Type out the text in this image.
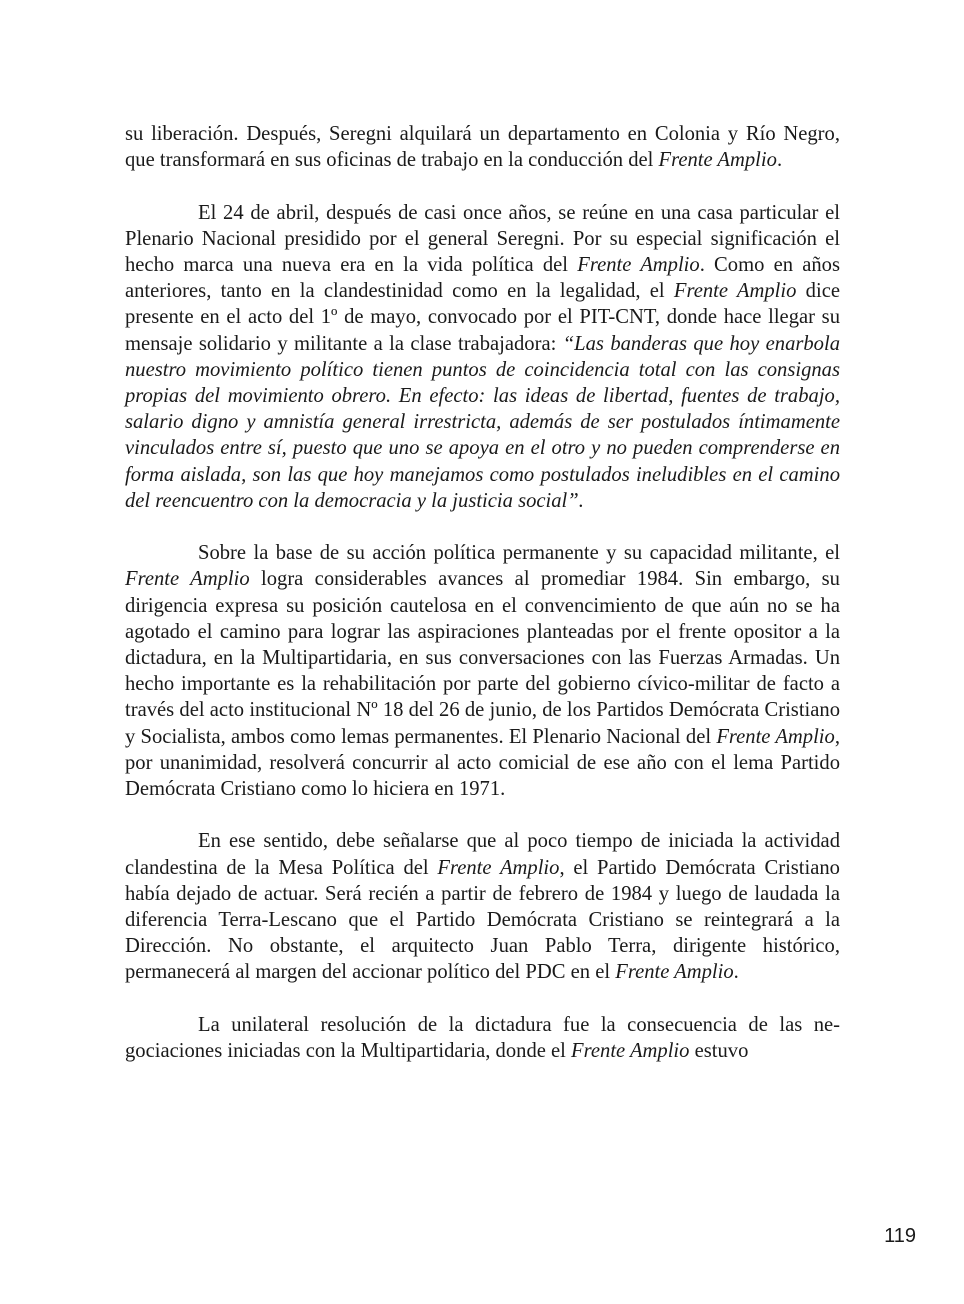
su liberación. Después, Seregni alquilará un departamento en Colonia y Río Negro, que transformará en sus oficinas de trabajo en la conducción del Frente Amplio.

El 24 de abril, después de casi once años, se reúne en una casa particular el Plenario Nacional presidido por el general Seregni. Por su especial significación el hecho marca una nueva era en la vida política del Frente Amplio. Como en años anteriores, tanto en la clandestinidad como en la legalidad, el Frente Amplio dice presente en el acto del 1º de mayo, convocado por el PIT-CNT, donde hace llegar su mensaje solidario y militante a la clase trabajadora: “Las banderas que hoy enarbola nuestro movimiento político tienen puntos de coincidencia total con las consignas propias del movimiento obrero. En efecto: las ideas de libertad, fuentes de trabajo, salario digno y amnistía general irrestricta, además de ser postulados íntimamente vinculados entre sí, puesto que uno se apoya en el otro y no pueden comprenderse en forma aislada, son las que hoy manejamos como postulados ineludibles en el camino del reencuentro con la democracia y la justicia social”.

Sobre la base de su acción política permanente y su capacidad militante, el Frente Amplio logra considerables avances al promediar 1984. Sin embargo, su dirigencia expresa su posición cautelosa en el convencimiento de que aún no se ha agotado el camino para lograr las aspiraciones planteadas por el frente opositor a la dictadura, en la Multipartidaria, en sus conversaciones con las Fuerzas Armadas. Un hecho importante es la rehabilitación por parte del gobierno cívico-militar de facto a través del acto institucional Nº 18 del 26 de junio, de los Partidos Demócrata Cristiano y Socialista, ambos como lemas permanentes. El Plenario Nacional del Frente Amplio, por unanimidad, resolverá concurrir al acto comicial de ese año con el lema Partido Demócrata Cristiano como lo hiciera en 1971.

En ese sentido, debe señalarse que al poco tiempo de iniciada la actividad clandestina de la Mesa Política del Frente Amplio, el Partido Demócrata Cristiano había dejado de actuar. Será recién a partir de febrero de 1984 y luego de laudada la diferencia Terra-Lescano que el Partido Demócrata Cristiano se reintegrará a la Dirección. No obstante, el arquitecto Juan Pablo Terra, dirigente histórico, permanecerá al margen del accionar político del PDC en el Frente Amplio.

La unilateral resolución de la dictadura fue la consecuencia de las negociaciones iniciadas con la Multipartidaria, donde el Frente Amplio estuvo

119
